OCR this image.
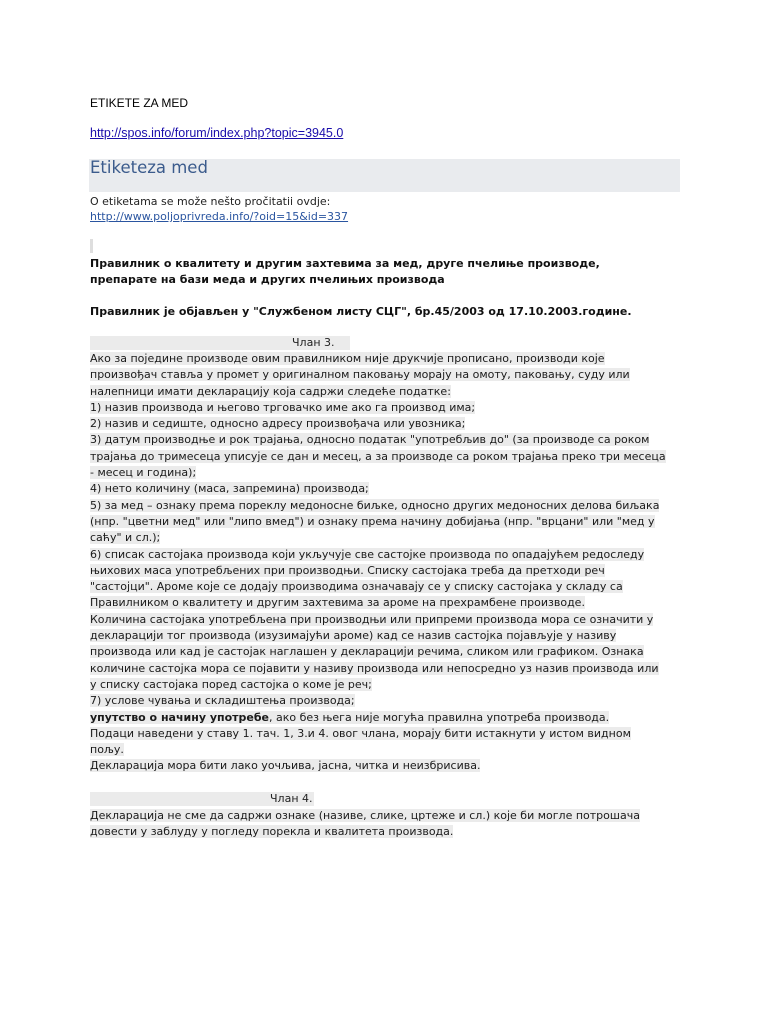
ETIKETE ZA MED
http://spos.info/forum/index.php?topic=3945.0
Etiketeza med
O etiketama se može nešto pročitatii ovdje:
http://www.poljoprivreda.info/?oid=15&id=337
Правилник о квалитету и другим захтевима за мед, друге пчелиње производе,
препарате на бази меда и других пчелињих производа
Правилник је објављен у "Службеном листу СЦГ", бр.45/2003 од 17.10.2003.године.
Члан 3.
Ако за поједине производе овим правилником није друкчије прописано, производи које
произвођач ставља у промет у оригиналном паковању морају на омоту, паковању, суду или
налепници имати декларацију која садржи следеће податке:
1) назив производа и његово трговачко име ако га производ има;
2) назив и седиште, односно адресу произвођача или увозника;
3) датум производње и рок трајања, односно податак "употребљив до" (за производе са роком
трајања до тримесеца уписује се дан и месец, а за производе са роком трајања преко три месеца
- месец и година);
4) нето количину (маса, запремина) производа;
5) за мед – ознаку према пореклу медоносне биљке, односно других медоносних делова биљака
(нпр. "цветни мед" или "липо вмед") и ознаку према начину добијања (нпр. "врцани" или "мед у
саћу" и сл.);
6) списак састојака производа који укључује све састојке производа по опадајућем редоследу
њихових маса употребљених при производњи. Списку састојака треба да претходи реч
"састојци". Ароме које се додају производима означавају се у списку састојака у складу са
Правилником о квалитету и другим захтевима за ароме на прехрамбене производе.
Количина састојака употребљена при производњи или припреми производа мора се означити у
декларацији тог производа (изузимајући ароме) кад се назив састојка појављује у називу
производа или кад је састојак наглашен у декларацији речима, сликом или графиком. Ознака
количине састојка мора се појавити у називу производа или непосредно уз назив производа или
у списку састојака поред састојка о коме је реч;
7) услове чувања и складиштења производа;
упутство о начину употребе, ако без њега није могућа правилна употреба производа.
Подаци наведени у ставу 1. тач. 1, 3.и 4. овог члана, морају бити истакнути у истом видном
пољу.
Декларација мора бити лако уочљива, јасна, читка и неизбрисива.
Члан 4.
Декларација не сме да садржи ознаке (називе, слике, цртеже и сл.) које би могле потрошача
довести у заблуду у погледу порекла и квалитета производа.
